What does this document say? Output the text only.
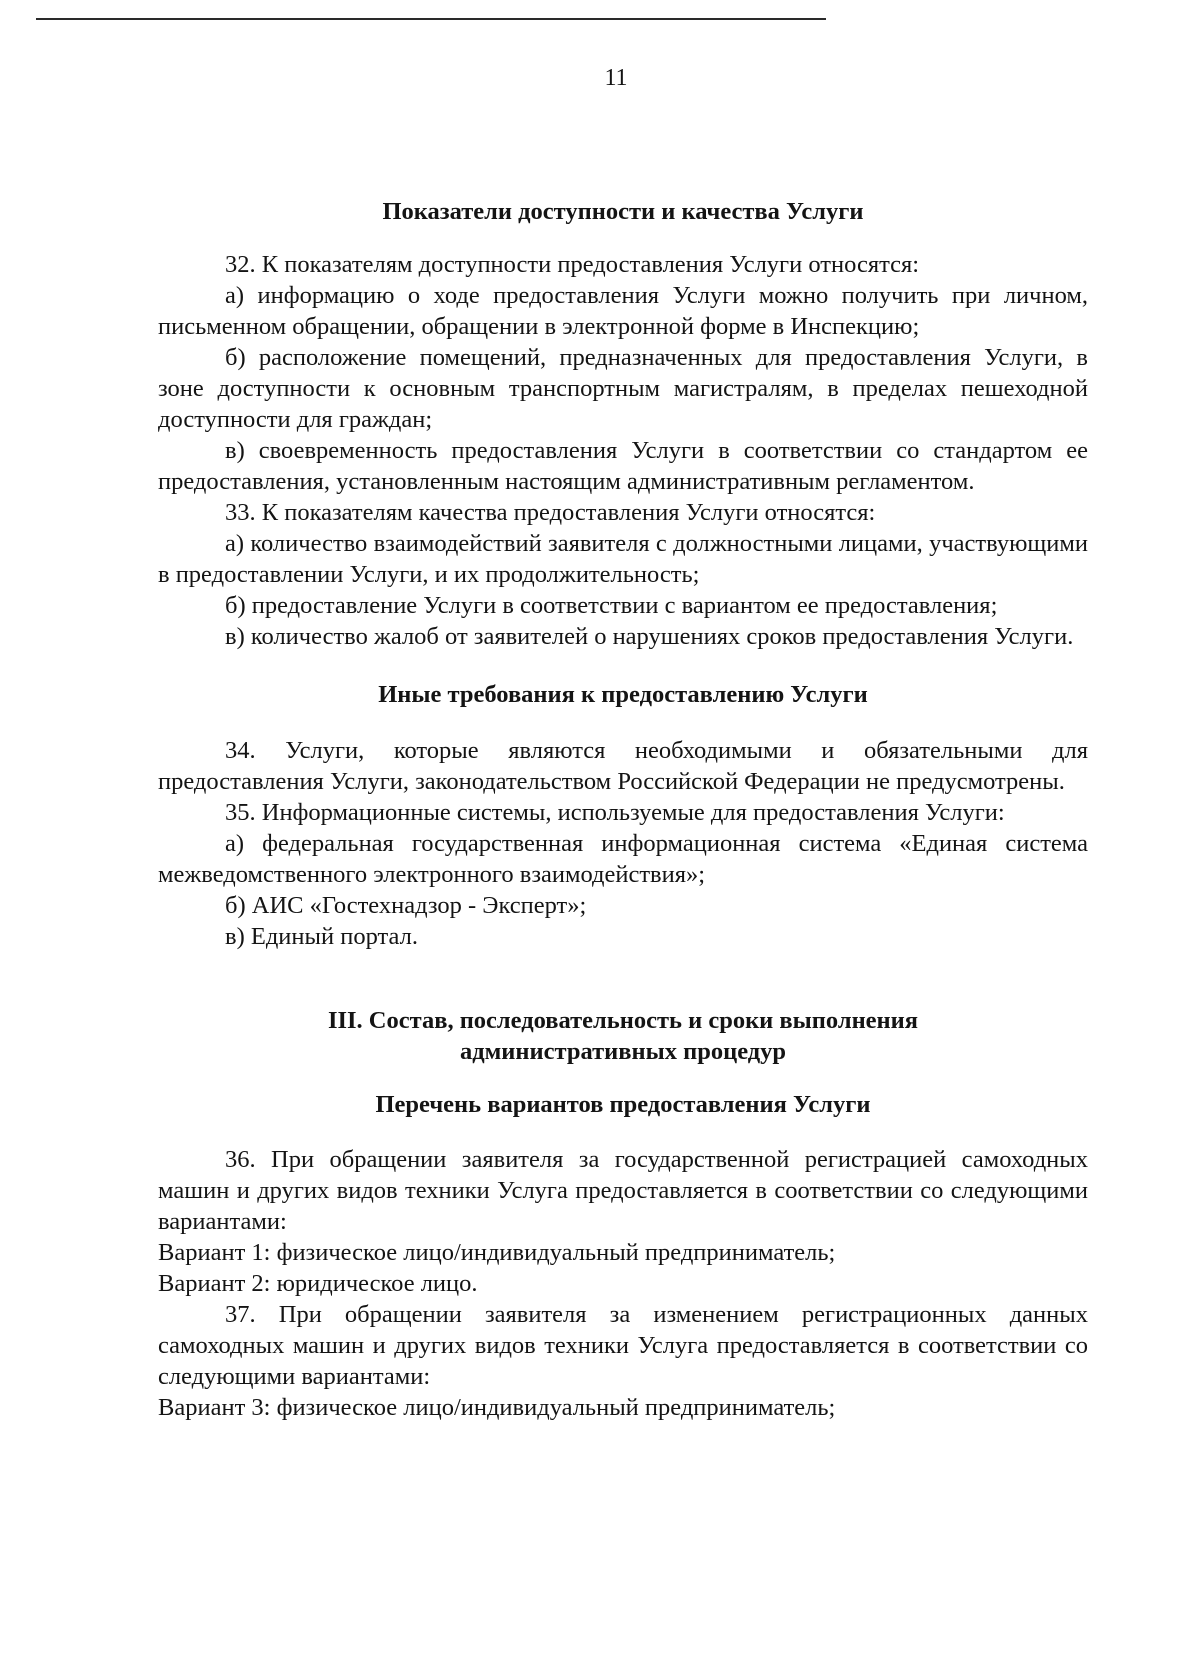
11

Показатели доступности и качества Услуги

32. К показателям доступности предоставления Услуги относятся:

а) информацию о ходе предоставления Услуги можно получить при личном, письменном обращении, обращении в электронной форме в Инспекцию;

б) расположение помещений, предназначенных для предоставления Услуги, в зоне доступности к основным транспортным магистралям, в пределах пешеходной доступности для граждан;

в) своевременность предоставления Услуги в соответствии со стандартом ее предоставления, установленным настоящим административным регламентом.

33. К показателям качества предоставления Услуги относятся:

а) количество взаимодействий заявителя с должностными лицами, участвующими в предоставлении Услуги, и их продолжительность;

б) предоставление Услуги в соответствии с вариантом ее предоставления;

в) количество жалоб от заявителей о нарушениях сроков предоставления Услуги.

Иные требования к предоставлению Услуги

34. Услуги, которые являются необходимыми и обязательными для предоставления Услуги, законодательством Российской Федерации не предусмотрены.

35. Информационные системы, используемые для предоставления Услуги:

а) федеральная государственная информационная система «Единая система межведомственного электронного взаимодействия»;

б) АИС «Гостехнадзор - Эксперт»;

в) Единый портал.

III. Состав, последовательность и сроки выполнения
административных процедур

Перечень вариантов предоставления Услуги

36. При обращении заявителя за государственной регистрацией самоходных машин и других видов техники Услуга предоставляется в соответствии со следующими вариантами:

Вариант 1: физическое лицо/индивидуальный предприниматель;

Вариант 2: юридическое лицо.

37. При обращении заявителя за изменением регистрационных данных самоходных машин и других видов техники Услуга предоставляется в соответствии со следующими вариантами:

Вариант 3: физическое лицо/индивидуальный предприниматель;
